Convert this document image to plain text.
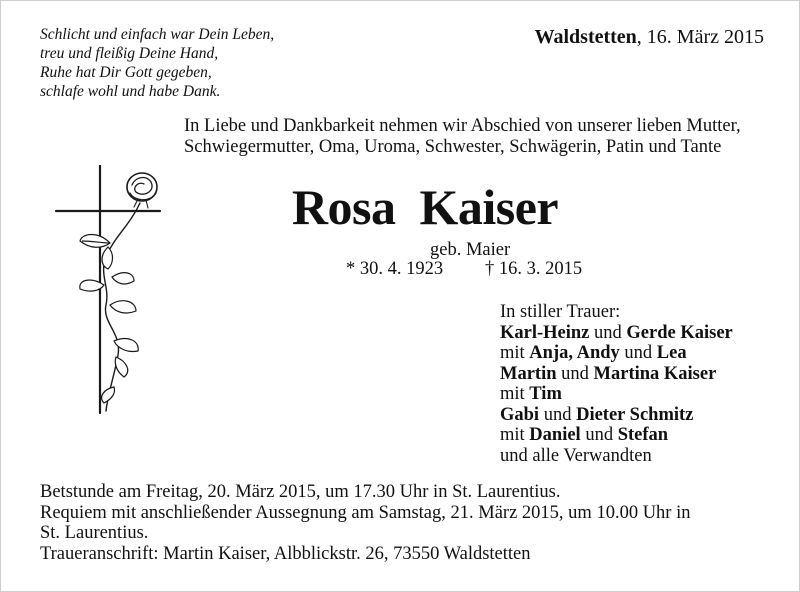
Schlicht und einfach war Dein Leben,
treu und fleißig Deine Hand,
Ruhe hat Dir Gott gegeben,
schlafe wohl und habe Dank.
Waldstetten, 16. März 2015
In Liebe und Dankbarkeit nehmen wir Abschied von unserer lieben Mutter, Schwiegermutter, Oma, Uroma, Schwester, Schwägerin, Patin und Tante
Rosa  Kaiser
geb. Maier
* 30. 4. 1923 † 16. 3. 2015
In stiller Trauer:
Karl-Heinz und Gerde Kaiser
mit Anja, Andy und Lea
Martin und Martina Kaiser
mit Tim
Gabi und Dieter Schmitz
mit Daniel und Stefan
und alle Verwandten
Betstunde am Freitag, 20. März 2015, um 17.30 Uhr in St. Laurentius.
Requiem mit anschließender Aussegnung am Samstag, 21. März 2015, um 10.00 Uhr in
St. Laurentius.
Traueranschrift: Martin Kaiser, Albblickstr. 26, 73550 Waldstetten
